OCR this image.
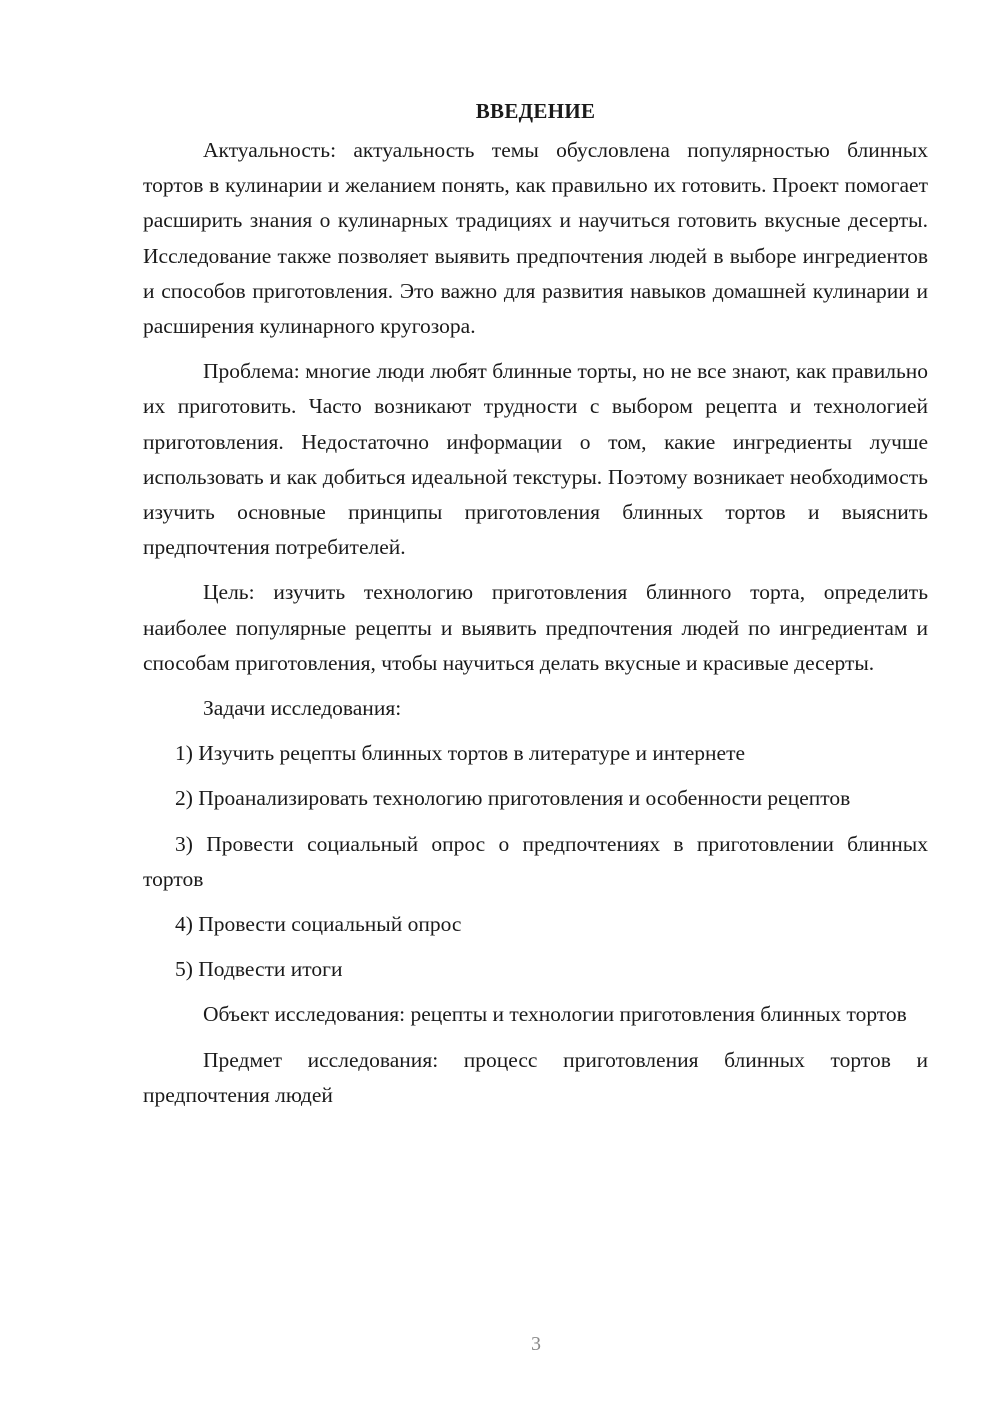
ВВЕДЕНИЕ

Актуальность: актуальность темы обусловлена популярностью блинных тортов в кулинарии и желанием понять, как правильно их готовить. Проект помогает расширить знания о кулинарных традициях и научиться готовить вкусные десерты. Исследование также позволяет выявить предпочтения людей в выборе ингредиентов и способов приготовления. Это важно для развития навыков домашней кулинарии и расширения кулинарного кругозора.

Проблема: многие люди любят блинные торты, но не все знают, как правильно их приготовить. Часто возникают трудности с выбором рецепта и технологией приготовления. Недостаточно информации о том, какие ингредиенты лучше использовать и как добиться идеальной текстуры. Поэтому возникает необходимость изучить основные принципы приготовления блинных тортов и выяснить предпочтения потребителей.

Цель: изучить технологию приготовления блинного торта, определить наиболее популярные рецепты и выявить предпочтения людей по ингредиентам и способам приготовления, чтобы научиться делать вкусные и красивые десерты.

Задачи исследования:

1) Изучить рецепты блинных тортов в литературе и интернете

2) Проанализировать технологию приготовления и особенности рецептов

3) Провести социальный опрос о предпочтениях в приготовлении блинных тортов

4) Провести социальный опрос

5) Подвести итоги

Объект исследования: рецепты и технологии приготовления блинных тортов

Предмет исследования: процесс приготовления блинных тортов и предпочтения людей

3
